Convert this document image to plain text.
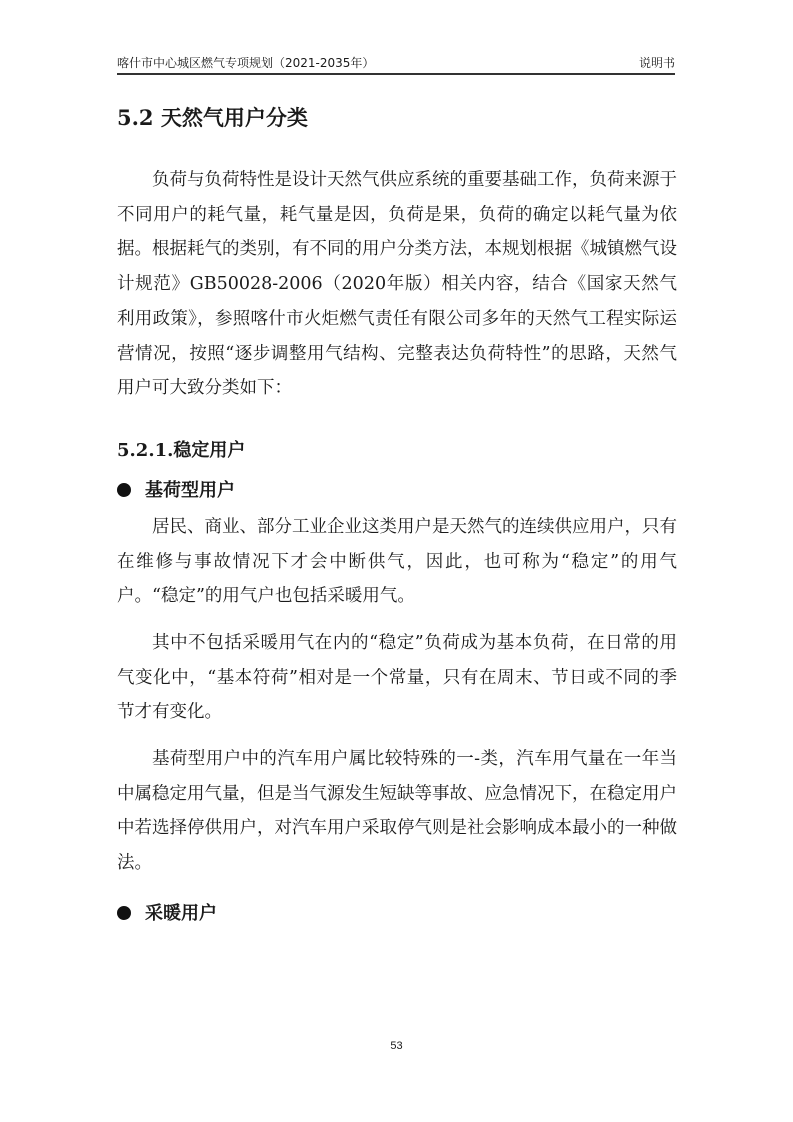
喀什市中心城区燃气专项规划（2021-2035年）	说明书
5.2 天然气用户分类

负荷与负荷特性是设计天然气供应系统的重要基础工作，负荷来源于不同用户的耗气量，耗气量是因，负荷是果，负荷的确定以耗气量为依据。根据耗气的类别，有不同的用户分类方法，本规划根据《城镇燃气设计规范》GB50028-2006（2020年版）相关内容，结合《国家天然气利用政策》，参照喀什市火炬燃气责任有限公司多年的天然气工程实际运营情况，按照“逐步调整用气结构、完整表达负荷特性”的思路，天然气用户可大致分类如下：

5.2.1.稳定用户
基荷型用户

居民、商业、部分工业企业这类用户是天然气的连续供应用户，只有在维修与事故情况下才会中断供气，因此，也可称为“稳定”的用气户。“稳定”的用气户也包括采暖用气。

其中不包括采暖用气在内的“稳定”负荷成为基本负荷，在日常的用气变化中，“基本符荷”相对是一个常量，只有在周末、节日或不同的季节才有变化。

基荷型用户中的汽车用户属比较特殊的一-类，汽车用气量在一年当中属稳定用气量，但是当气源发生短缺等事故、应急情况下，在稳定用户中若选择停供用户，对汽车用户采取停气则是社会影响成本最小的一种做法。

采暖用户
53
